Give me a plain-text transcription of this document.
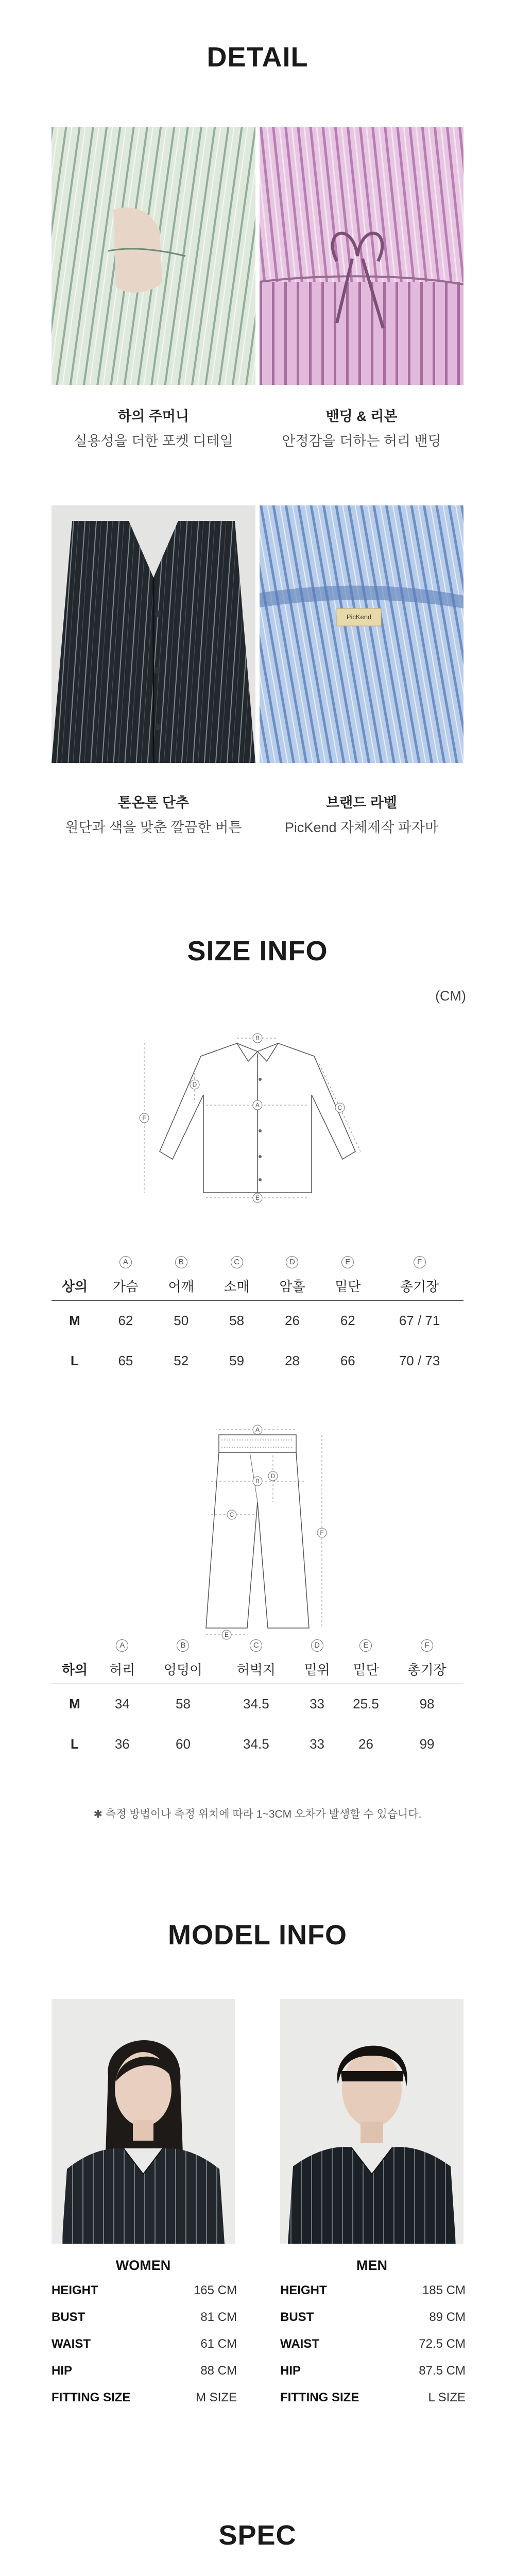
DETAIL
하의 주머니
실용성을 더한 포켓 디테일
밴딩 & 리본
안정감을 더하는 허리 밴딩
톤온톤 단추
원단과 색을 맞춘 깔끔한 버튼
PicKend
브랜드 라벨
PicKend 자체제작 파자마
SIZE INFO
(CM)
B
A
E
F
C
D
	A	B	C	D	E	F
상의	가슴	어깨	소매	암홀	밑단	총기장
M	62	50	58	26	62	67 / 71
L	65	52	59	28	66	70 / 73
A
B
C
D
E
F
	A	B	C	D	E	F
하의	허리	엉덩이	허벅지	밑위	밑단	총기장
M	34	58	34.5	33	25.5	98
L	36	60	34.5	33	26	99
✱ 측정 방법이나 측정 위치에 따라 1~3CM 오차가 발생할 수 있습니다.
MODEL INFO
WOMEN	MEN
HEIGHT	165 CM
BUST	81 CM
WAIST	61 CM
HIP	88 CM
FITTING SIZE	M SIZE
HEIGHT	185 CM
BUST	89 CM
WAIST	72.5 CM
HIP	87.5 CM
FITTING SIZE	L SIZE
SPEC
